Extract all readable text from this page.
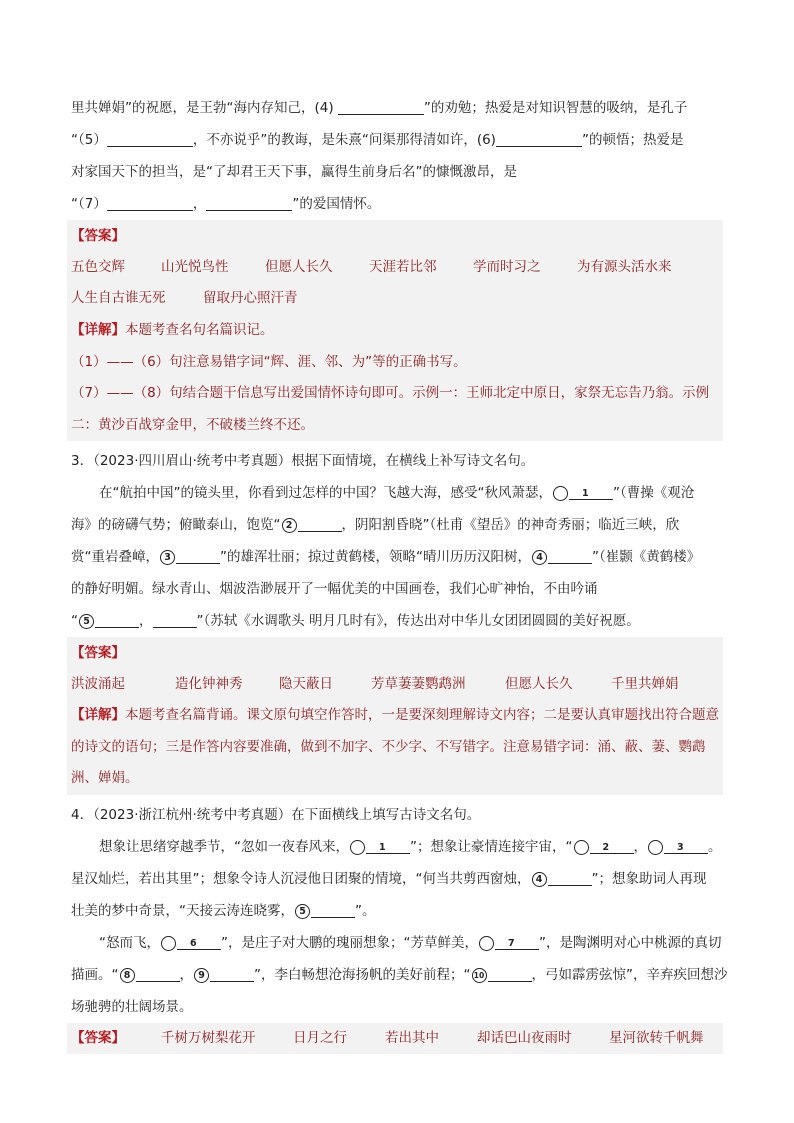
里共婵娟”的祝愿，是王勃“海内存知己，(4)	”的劝勉；热爱是对知识智慧的吸纳，是孔子
“（5）	，不亦说乎”的教诲，是朱熹“问渠那得清如许，(6)	”的顿悟；热爱是
对家国天下的担当，是“了却君王天下事，赢得生前身后名”的慷慨激昂，是
“（7）	，	”的爱国情怀。
【答案】
五色交辉	山光悦鸟性	但愿人长久	天涯若比邻	学而时习之	为有源头活水来
人生自古谁无死	留取丹心照汗青
【详解】本题考查名句名篇识记。
（1）——（6）句注意易错字词“辉、涯、邻、为”等的正确书写。
（7）——（8）句结合题干信息写出爱国情怀诗句即可。示例一：王师北定中原日，家祭无忘告乃翁。示例二：黄沙百战穿金甲，不破楼兰终不还。
3．（2023·四川眉山·统考中考真题）根据下面情境，在横线上补写诗文名句。
在“航拍中国”的镜头里，你看到过怎样的中国？飞越大海，感受“秋风萧瑟，	1 ”（曹操《观沧
海》的磅礴气势；俯瞰泰山，饱览“ 2	，阴阳割昏晓”（杜甫《望岳》的神奇秀丽；临近三峡，欣
赏“重岩叠嶂， 3	”的雄浑壮丽；掠过黄鹤楼，领略“晴川历历汉阳树， 4	”（崔颢《黄鹤楼》
的静好明媚。绿水青山、烟波浩渺展开了一幅优美的中国画卷，我们心旷神怡，不由吟诵
“ 5	，	”（苏轼《水调歌头 明月几时有》，传达出对中华儿女团团圆圆的美好祝愿。
【答案】
洪波涌起	造化钟神秀	隐天蔽日	芳草萋萋鹦鹉洲	但愿人长久	千里共婵娟
【详解】本题考查名篇背诵。课文原句填空作答时，一是要深刻理解诗文内容；二是要认真审题找出符合题意的诗文的语句；三是作答内容要准确，做到不加字、不少字、不写错字。注意易错字词：涌、蔽、萋、鹦鹉洲、婵娟。
4．（2023·浙江杭州·统考中考真题）在下面横线上填写古诗文名句。
想象让思绪穿越季节，“忽如一夜春风来，	1 ”；想象让豪情连接宇宙，“	2 ，	3 。
星汉灿烂，若出其里”；想象令诗人沉浸他日团聚的情境，“何当共剪西窗烛， 4	”；想象助词人再现
壮美的梦中奇景，“天接云涛连晓雾， 5	”。
“怒而飞，	6 ”，是庄子对大鹏的瑰丽想象；“芳草鲜美，	7 ”，是陶渊明对心中桃源的真切
描画。“ 8	， 9	”，李白畅想沧海扬帆的美好前程；“ 10	，弓如霹雳弦惊”，辛弃疾回想沙
场驰骋的壮阔场景。
【答案】	千树万树梨花开	日月之行	若出其中	却话巴山夜雨时	星河欲转千帆舞
